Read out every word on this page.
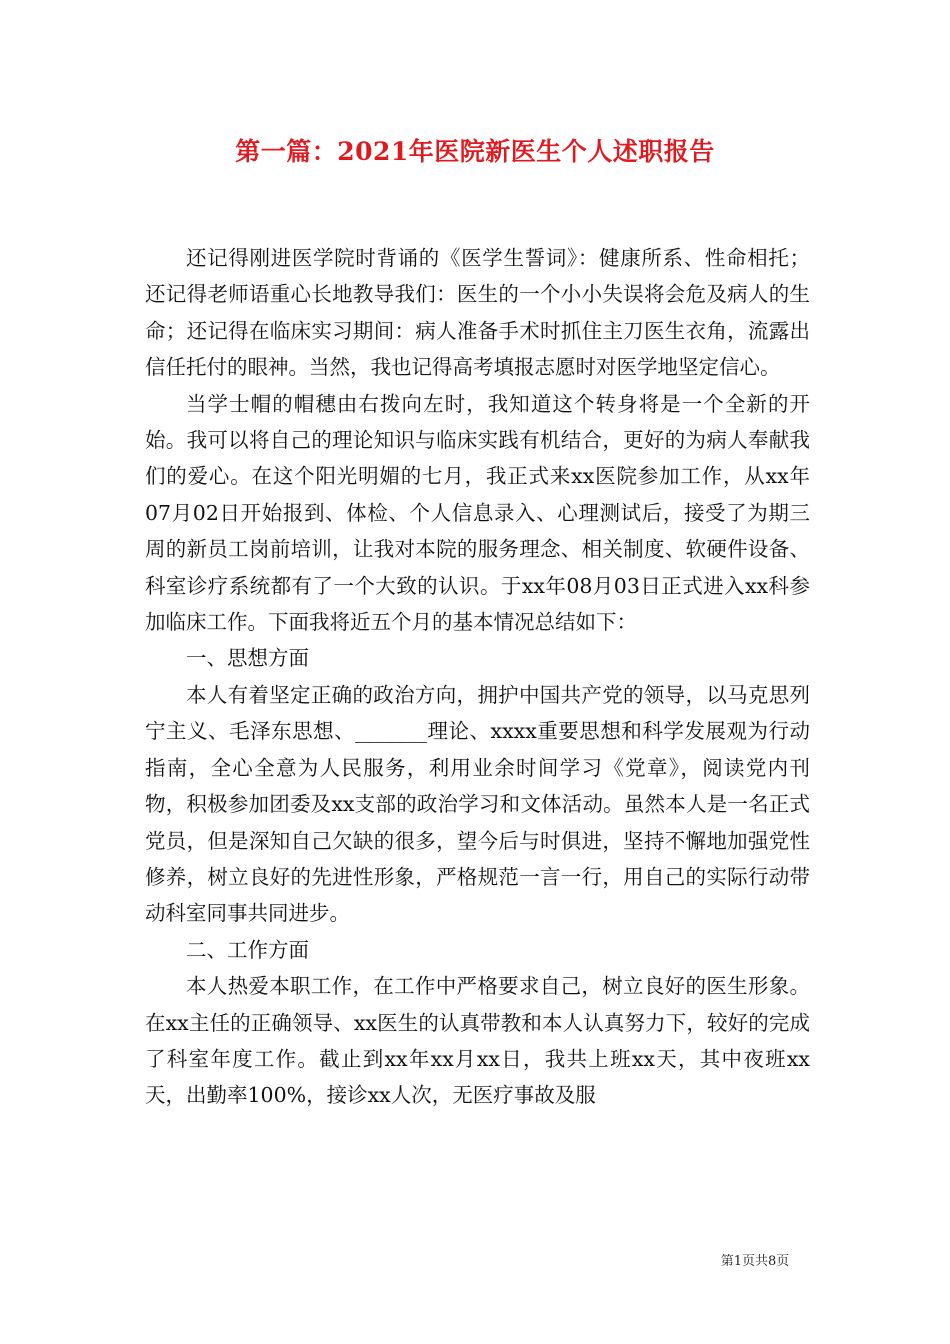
第一篇：2021年医院新医生个人述职报告

还记得刚进医学院时背诵的《医学生誓词》：健康所系、性命相托；还记得老师语重心长地教导我们：医生的一个小小失误将会危及病人的生命；还记得在临床实习期间：病人准备手术时抓住主刀医生衣角，流露出信任托付的眼神。当然，我也记得高考填报志愿时对医学地坚定信心。

当学士帽的帽穗由右拨向左时，我知道这个转身将是一个全新的开始。我可以将自己的理论知识与临床实践有机结合，更好的为病人奉献我们的爱心。在这个阳光明媚的七月，我正式来xx医院参加工作，从xx年07月02日开始报到、体检、个人信息录入、心理测试后，接受了为期三周的新员工岗前培训，让我对本院的服务理念、相关制度、软硬件设备、科室诊疗系统都有了一个大致的认识。于xx年08月03日正式进入xx科参加临床工作。下面我将近五个月的基本情况总结如下：

一、思想方面

本人有着坚定正确的政治方向，拥护中国共产党的领导，以马克思列宁主义、毛泽东思想、_______理论、xxxx重要思想和科学发展观为行动指南，全心全意为人民服务，利用业余时间学习《党章》，阅读党内刊物，积极参加团委及xx支部的政治学习和文体活动。虽然本人是一名正式党员，但是深知自己欠缺的很多，望今后与时俱进，坚持不懈地加强党性修养，树立良好的先进性形象，严格规范一言一行，用自己的实际行动带动科室同事共同进步。

二、工作方面

本人热爱本职工作，在工作中严格要求自己，树立良好的医生形象。在xx主任的正确领导、xx医生的认真带教和本人认真努力下，较好的完成了科室年度工作。截止到xx年xx月xx日，我共上班xx天，其中夜班xx天，出勤率100%，接诊xx人次，无医疗事故及服

第1页共8页
